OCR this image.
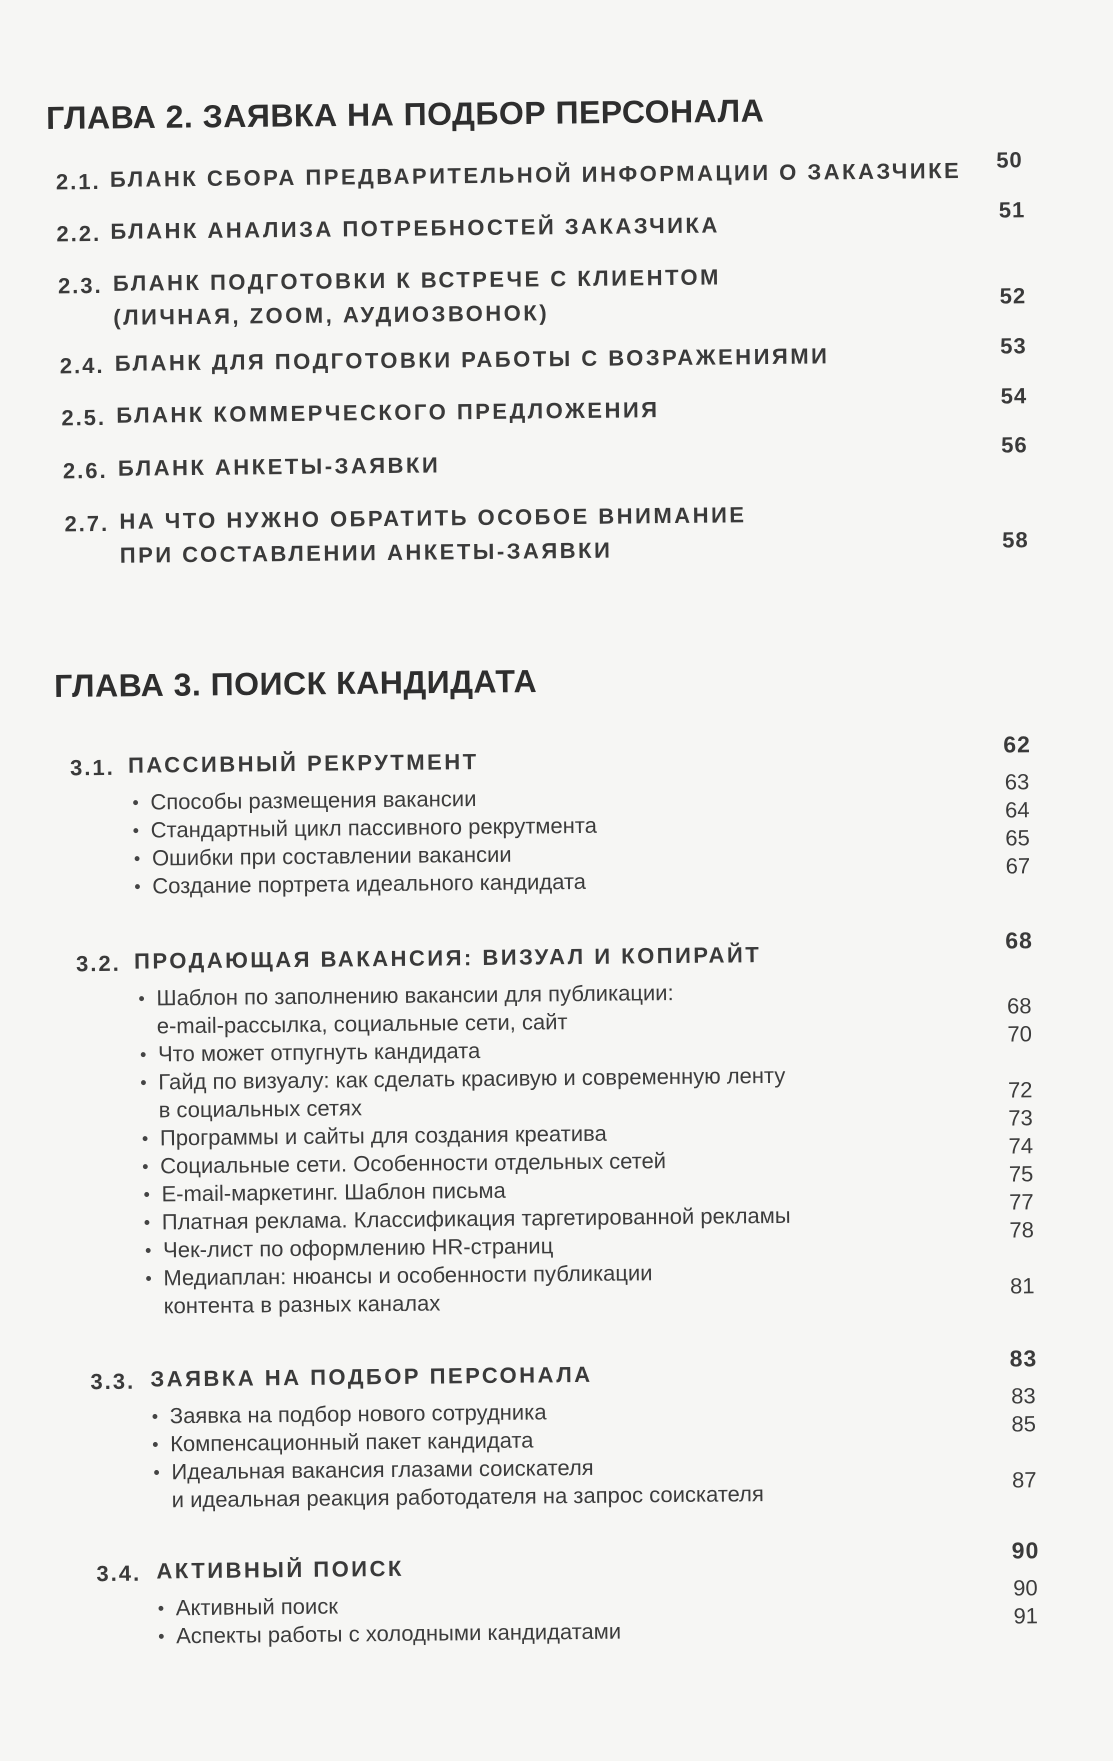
ГЛАВА 2. ЗАЯВКА НА ПОДБОР ПЕРСОНАЛА
2.1. БЛАНК СБОРА ПРЕДВАРИТЕЛЬНОЙ ИНФОРМАЦИИ О ЗАКАЗЧИКЕ 50
2.2. БЛАНК АНАЛИЗА ПОТРЕБНОСТЕЙ ЗАКАЗЧИКА
51
2.3. БЛАНК ПОДГОТОВКИ К ВСТРЕЧЕ С КЛИЕНТОМ
(ЛИЧНАЯ, ZOOM, АУДИОЗВОНОК)
52
2.4. БЛАНК ДЛЯ ПОДГОТОВКИ РАБОТЫ С ВОЗРАЖЕНИЯМИ	53
2.5. БЛАНК КОММЕРЧЕСКОГО ПРЕДЛОЖЕНИЯ
54
2.6. БЛАНК АНКЕТЫ-ЗАЯВКИ
56
2.7. НА ЧТО НУЖНО ОБРАТИТЬ ОСОБОЕ ВНИМАНИЕ
ПРИ СОСТАВЛЕНИИ АНКЕТЫ-ЗАЯВКИ	58
ГЛАВА 3. ПОИСК КАНДИДАТА
3.1. ПАССИВНЫЙ РЕКРУТМЕНТ
62
• Способы размещения вакансии
63
• Стандартный цикл пассивного рекрутмента
64
• Ошибки при составлении вакансии
65
• Создание портрета идеального кандидата
67
3.2. ПРОДАЮЩАЯ ВАКАНСИЯ: ВИЗУАЛ И КОПИРАЙТ
68
• Шаблон по заполнению вакансии для публикации:
e-mail-рассылка, социальные сети, сайт
68
• Что может отпугнуть кандидата
70
• Гайд по визуалу: как сделать красивую и современную ленту
в социальных сетях
72
• Программы и сайты для создания креатива
73
• Социальные сети. Особенности отдельных сетей
74
• E-mail-маркетинг. Шаблон письма
75
• Платная реклама. Классификация таргетированной рекламы
77
• Чек-лист по оформлению HR-страниц
78
• Медиаплан: нюансы и особенности публикации
контента в разных каналах
81
3.3. ЗАЯВКА НА ПОДБОР ПЕРСОНАЛА
83
• Заявка на подбор нового сотрудника
83
• Компенсационный пакет кандидата
85
• Идеальная вакансия глазами соискателя
и идеальная реакция работодателя на запрос соискателя
87
3.4. АКТИВНЫЙ ПОИСК
90
• Активный поиск
90
• Аспекты работы с холодными кандидатами
91
